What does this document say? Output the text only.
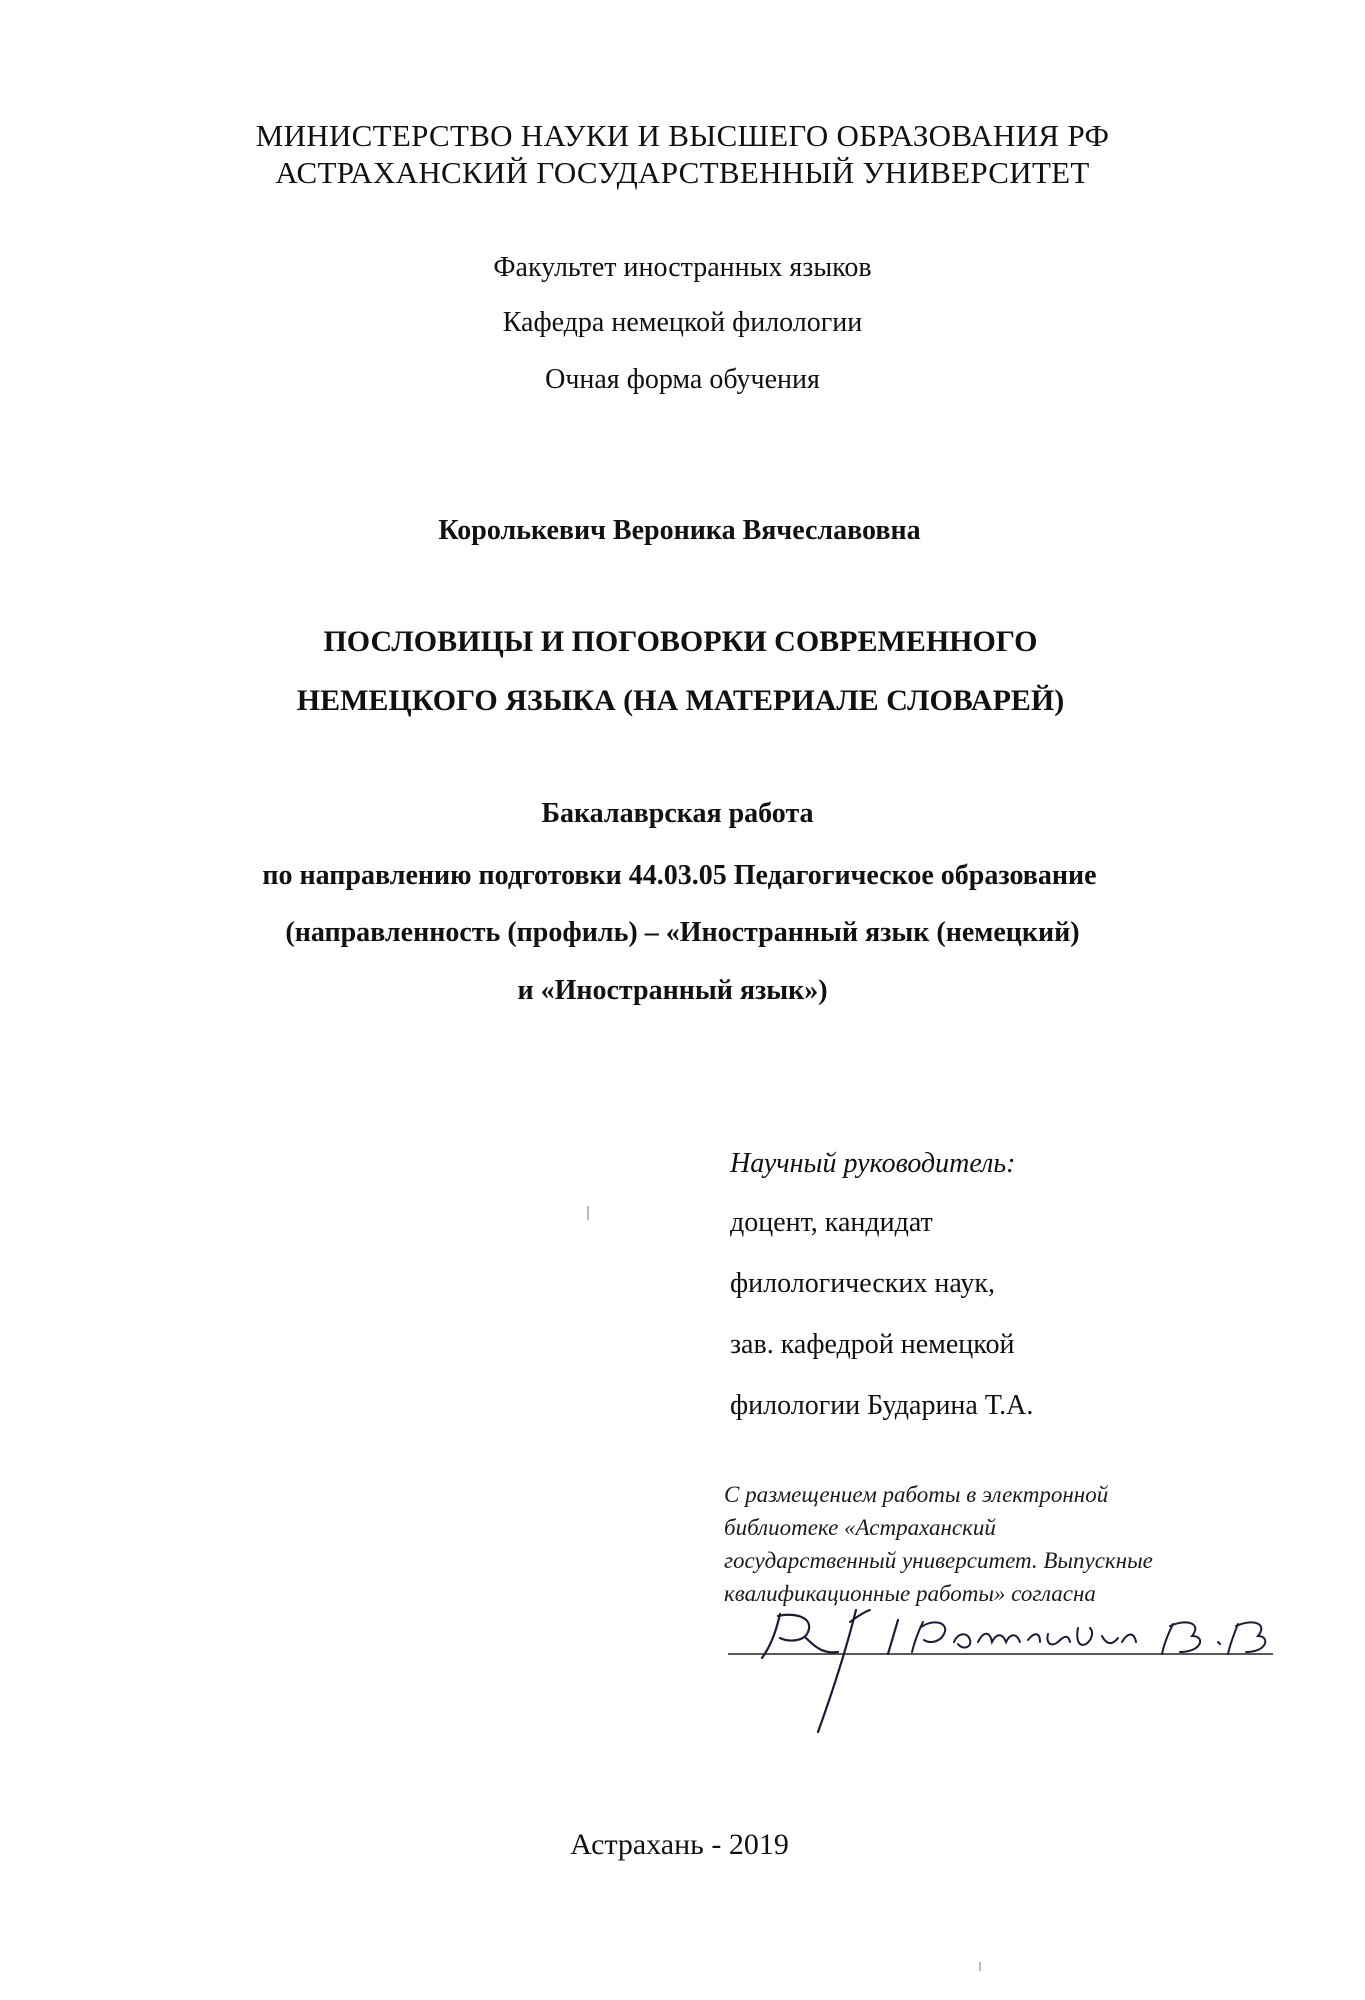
МИНИСТЕРСТВО НАУКИ И ВЫСШЕГО ОБРАЗОВАНИЯ РФ
АСТРАХАНСКИЙ ГОСУДАРСТВЕННЫЙ УНИВЕРСИТЕТ
Факультет иностранных языков
Кафедра немецкой филологии
Очная форма обучения
Королькевич Вероника Вячеславовна
ПОСЛОВИЦЫ И ПОГОВОРКИ СОВРЕМЕННОГО
НЕМЕЦКОГО ЯЗЫКА (НА МАТЕРИАЛЕ СЛОВАРЕЙ)
Бакалаврская работа
по направлению подготовки 44.03.05 Педагогическое образование
(направленность (профиль) – «Иностранный язык (немецкий)
и «Иностранный язык»)
Научный руководитель:
доцент, кандидат
филологических наук,
зав. кафедрой немецкой
филологии Бударина Т.А.
С размещением работы в электронной
библиотеке «Астраханский
государственный университет. Выпускные
квалификационные работы» согласна
Астрахань - 2019
